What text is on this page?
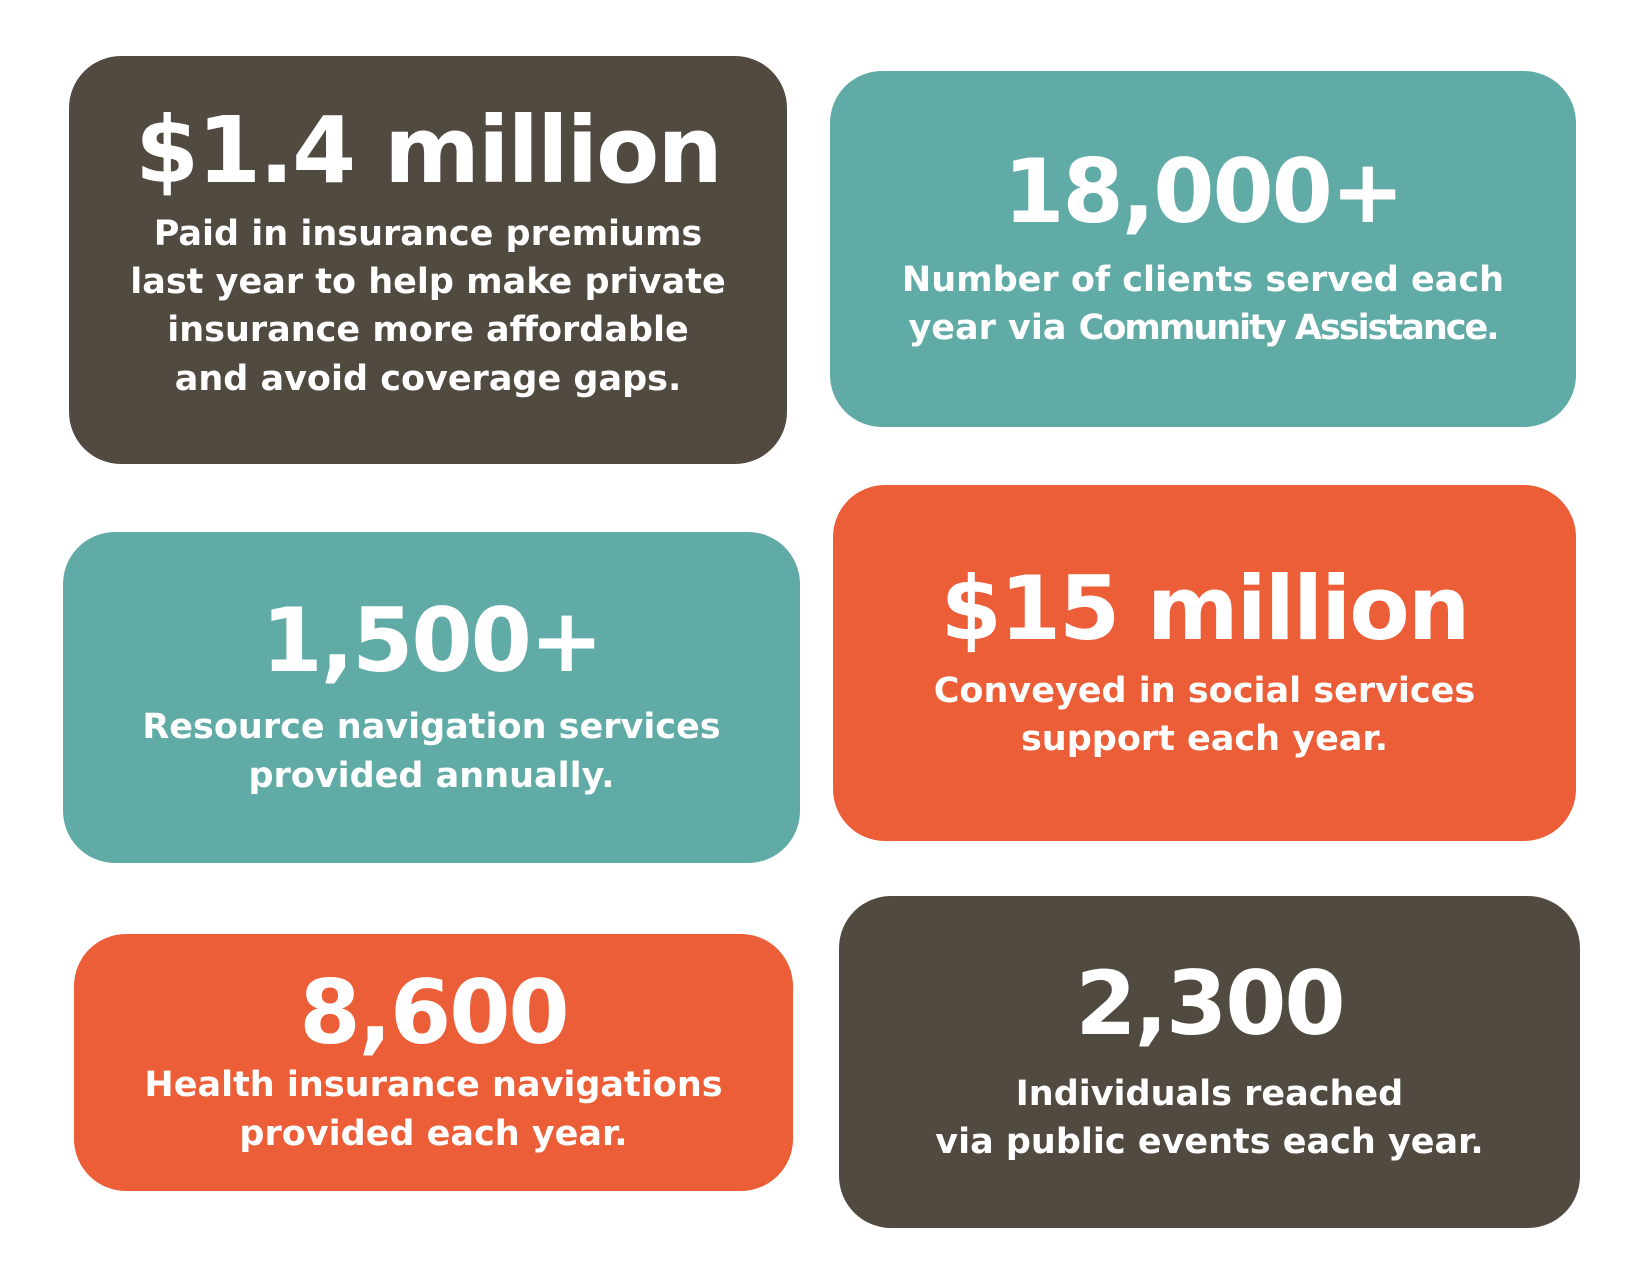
$1.4 million

Paid in insurance premiums
last year to help make private
insurance more affordable
and avoid coverage gaps.

18,000+

Number of clients served each
year via Community Assistance.

1,500+

Resource navigation services
provided annually.

$15 million

Conveyed in social services
support each year.

8,600

Health insurance navigations
provided each year.

2,300

Individuals reached
via public events each year.
